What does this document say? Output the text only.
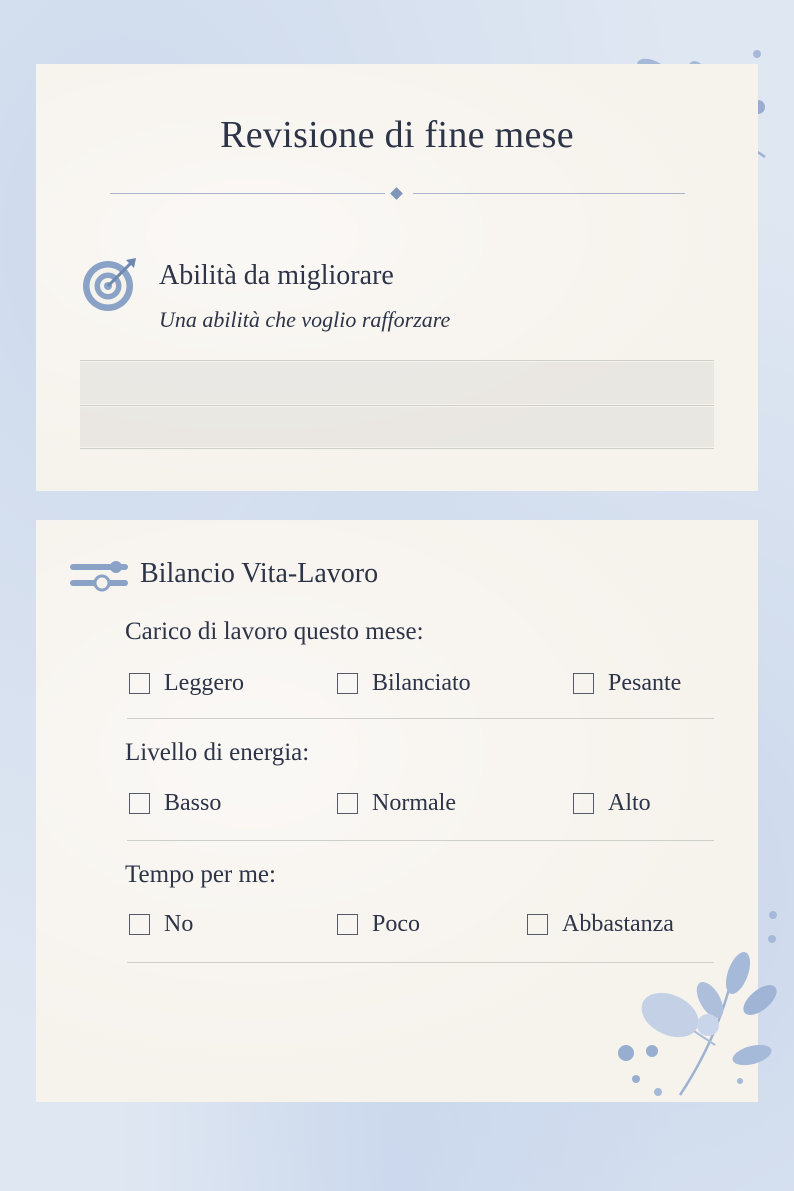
Revisione di fine mese
Abilità da migliorare
Una abilità che voglio rafforzare
Bilancio Vita-Lavoro
Carico di lavoro questo mese:
Leggero	Bilanciato	Pesante
Livello di energia:
Basso	Normale	Alto
Tempo per me:
No	Poco	Abbastanza
